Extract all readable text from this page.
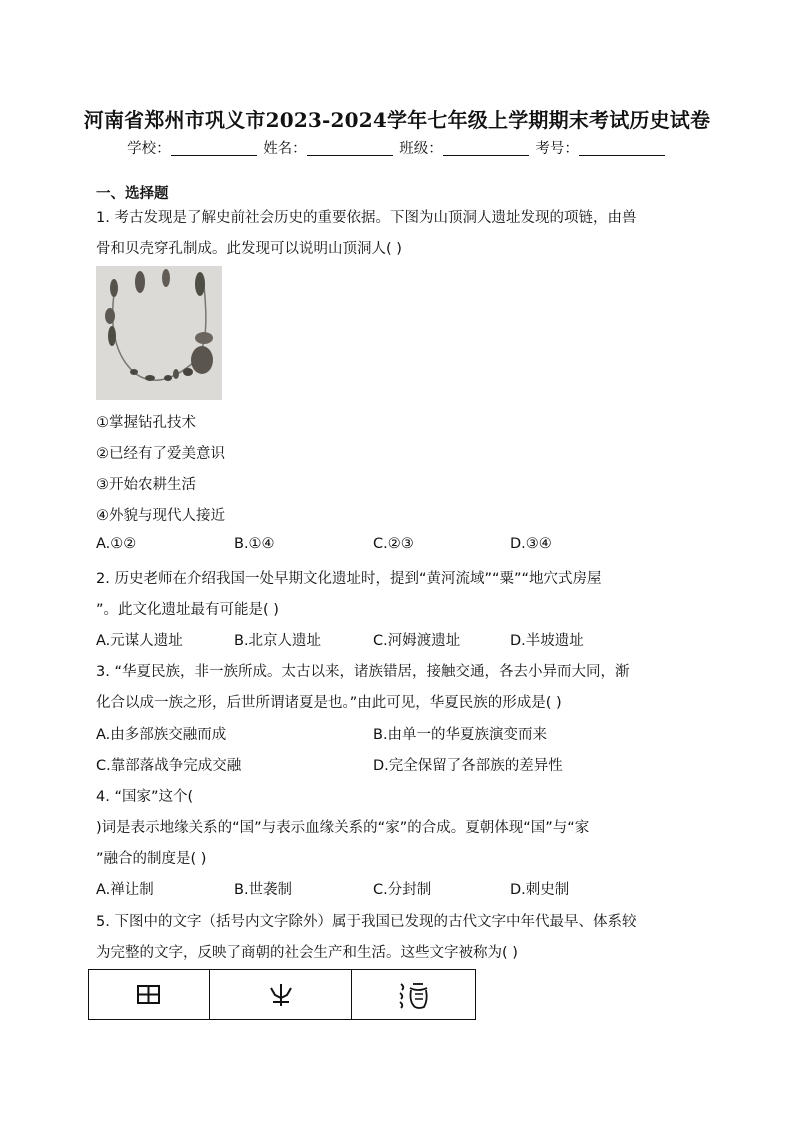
河南省郑州市巩义市2023-2024学年七年级上学期期末考试历史试卷
学校：	姓名：	班级：	考号：
一、选择题
1. 考古发现是了解史前社会历史的重要依据。下图为山顶洞人遗址发现的项链，由兽
骨和贝壳穿孔制成。此发现可以说明山顶洞人( )
①掌握钻孔技术
②已经有了爱美意识
③开始农耕生活
④外貌与现代人接近
A.①②	B.①④	C.②③	D.③④
2. 历史老师在介绍我国一处早期文化遗址时，提到“黄河流域”“粟”“地穴式房屋
”。此文化遗址最有可能是( )
A.元谋人遗址	B.北京人遗址	C.河姆渡遗址	D.半坡遗址
3. “华夏民族，非一族所成。太古以来，诸族错居，接触交通，各去小异而大同，渐
化合以成一族之形，后世所谓诸夏是也。”由此可见，华夏民族的形成是( )
A.由多部族交融而成	B.由单一的华夏族演变而来
C.靠部落战争完成交融	D.完全保留了各部族的差异性
4. “国家”这个(
)词是表示地缘关系的“国”与表示血缘关系的“家”的合成。夏朝体现“国”与“家
”融合的制度是( )
A.禅让制	B.世袭制	C.分封制	D.刺史制
5. 下图中的文字（括号内文字除外）属于我国已发现的古代文字中年代最早、体系较
为完整的文字，反映了商朝的社会生产和生活。这些文字被称为( )
